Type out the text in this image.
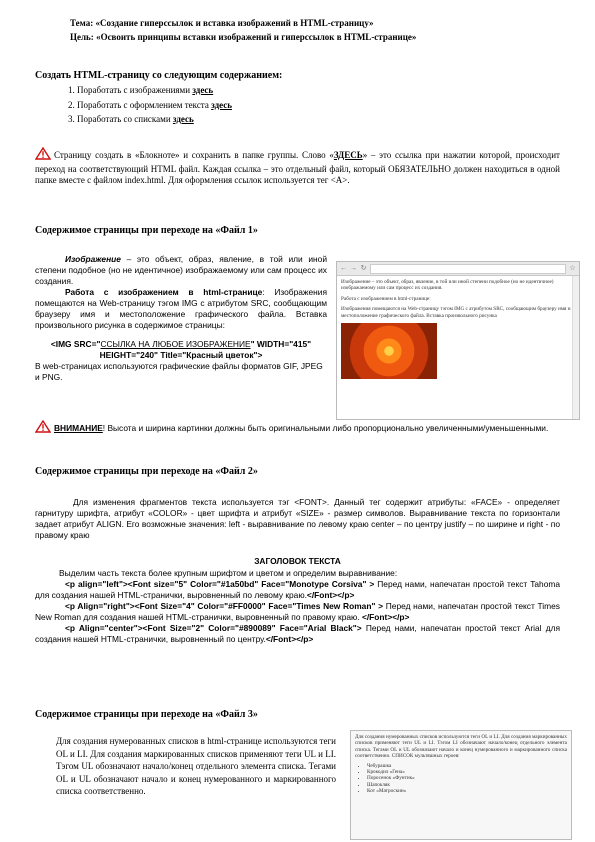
Тема: «Создание гиперссылок и вставка изображений в HTML-страницу»
Цель: «Освоить принципы вставки изображений и гиперссылок в HTML-странице»
Создать HTML-страницу со следующим содержанием:
1. Поработать с изображениями здесь
2. Поработать с оформлением текста здесь
3. Поработать со списками здесь
Страницу создать в «Блокноте» и сохранить в папке группы. Слово «ЗДЕСЬ» – это ссылка при нажатии которой, происходит переход на соответствующий HTML файл. Каждая ссылка – это отдельный файл, который ОБЯЗАТЕЛЬНО должен находиться в одной папке вместе с файлом index.html. Для оформления ссылок используется тег <A>.
Содержимое страницы при переходе на «Файл 1»
Изображение – это объект, образ, явление, в той или иной степени подобное (но не идентичное) изображаемому или сам процесс их создания.
Работа с изображением в html-странице: Изображения помещаются на Web-страницу тэгом IMG с атрибутом SRC, сообщающим браузеру имя и местоположение графического файла. Вставка произвольного рисунка в содержимое страницы:
<IMG SRC="ССЫЛКА НА ЛЮБОЕ ИЗОБРАЖЕНИЕ" WIDTH="415" HEIGHT="240" Title="Красный цветок">
В web-страницах используются графические файлы форматов GIF, JPEG и PNG.
ВНИМАНИЕ! Высота и ширина картинки должны быть оригинальными либо пропорционально увеличенными/уменьшенными.
← → ↻	☆
Изображение – это объект, образ, явление, в той или иной степени подобное (но не идентичное) изображаемому или сам процесс их создания.
Работа с изображением в html-странице:
Изображения помещаются на Web-страницу тэгом IMG с атрибутом SRC, сообщающим браузеру имя и местоположение графического файла. Вставка произвольного рисунка
Содержимое страницы при переходе на «Файл 2»
Для изменения фрагментов текста используется тэг <FONT>. Данный тег содержит атрибуты: «FACE» - определяет гарнитуру шрифта, атрибут «COLOR» - цвет шрифта и атрибут «SIZE» - размер символов. Выравнивание текста по горизонтали задает атрибут ALIGN. Его возможные значения: left - выравнивание по левому краю center – по центру justify – по ширине и right - по правому краю
ЗАГОЛОВОК ТЕКСТА
Выделим часть текста более крупным шрифтом и цветом и определим выравнивание:
<p align="left"><Font size="5" Color="#1a50bd" Face="Monotype Corsiva" > Перед нами, напечатан простой текст Tahoma для создания нашей HTML-странички, выровненный по левому краю.</Font></p>
<p Align="right"><Font Size="4" Color="#FF0000" Face="Times New Roman" > Перед нами, напечатан простой текст Times New Roman для создания нашей HTML-странички, выровненный по правому краю. </Font></p>
<p Align="center"><Font Size="2" Color="#890089" Face="Arial Black"> Перед нами, напечатан простой текст Arial для создания нашей HTML-странички, выровненный по центру.</Font></p>
Содержимое страницы при переходе на «Файл 3»
Для создания нумерованных списков в html-странице используются теги OL и LI. Для создания маркированных списков применяют теги UL и LI. Тэгом UL обозначают начало/конец отдельного элемента списка. Тегами OL и UL обозначают начало и конец нумерованного и маркированного списка соответственно.
Для создания нумерованных списков используются теги OL и LI. Для создания маркированных списков применяют теги UL и LI. Тэгом LI обозначают начало/конец отдельного элемента списка. Тегами OL и UL обозначают начало и конец нумерованного и маркированного списка соответственно. СПИСОК мультяшных героев:
• Чебурашка
• Крокодил «Гена»
• Поросенок «Фунтик»
• Шапокляк
• Кот «Матроскин»
